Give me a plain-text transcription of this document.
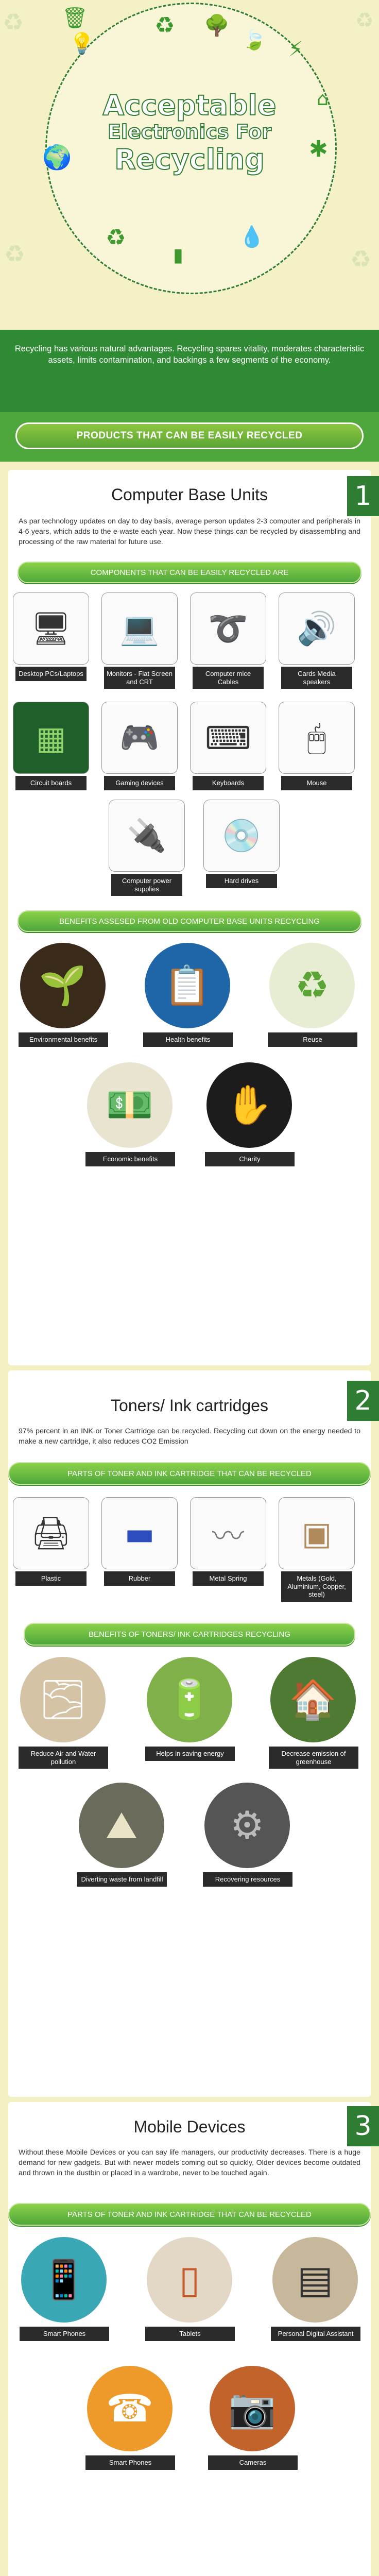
🗑	♻ 🌳
🍃 ⚡
⌂
💡
🌍	✱
♻
▮
💧
♻	♻
♻	♻
Acceptable
Electronics For
Recycling
Recycling has various natural advantages. Recycling spares vitality, moderates characteristic assets, limits contamination, and backings a few segments of the economy.
PRODUCTS THAT CAN BE EASILY RECYCLED
Computer Base Units	1
As par technology updates on day to day basis, average person updates 2-3 computer and peripherals in 4-6 years, which adds to the e-waste each year. Now these things can be recycled by disassembling and processing of the raw material for future use.
COMPONENTS THAT CAN BE EASILY RECYCLED ARE
🖥
Desktop PCs/Laptops
💻
Monitors - Flat Screen and CRT
➰
Computer mice Cables
🔊
Cards Media speakers
▦
Circuit boards
🎮
Gaming devices
⌨
Keyboards
🖱
Mouse
🔌
Computer power supplies
💿
Hard drives
BENEFITS ASSESED FROM OLD COMPUTER BASE UNITS RECYCLING
🌱
Environmental benefits
📋
Health benefits
♻
Reuse
💵
Economic benefits
✋
Charity
Toners/ Ink cartridges	2
97% percent in an INK or Toner Cartridge can be recycled. Recycling cut down on the energy needed to make a new cartridge, it also reduces CO2 Emission
PARTS OF TONER AND INK CARTRIDGE THAT CAN BE RECYCLED
🖨
Plastic
▬
Rubber
〰
Metal Spring
▣
Metals (Gold, Aluminium, Copper, steel)
BENEFITS OF TONERS/ INK CARTRIDGES RECYCLING
🌫
Reduce Air and Water pollution
🔋
Helps in saving energy
🏠
Decrease emission of greenhouse
⛰
Diverting waste from landfill
⚙
Recovering resources
Mobile Devices	3
Without these Mobile Devices or you can say life managers, our productivity decreases. There is a huge demand for new gadgets. But with newer models coming out so quickly, Older devices become outdated and thrown in the dustbin or placed in a wardrobe, never to be touched again.
PARTS OF TONER AND INK CARTRIDGE THAT CAN BE RECYCLED
📱
Smart Phones
▯
Tablets
▤
Personal Digital Assistant
☎
Smart Phones
📷
Cameras
